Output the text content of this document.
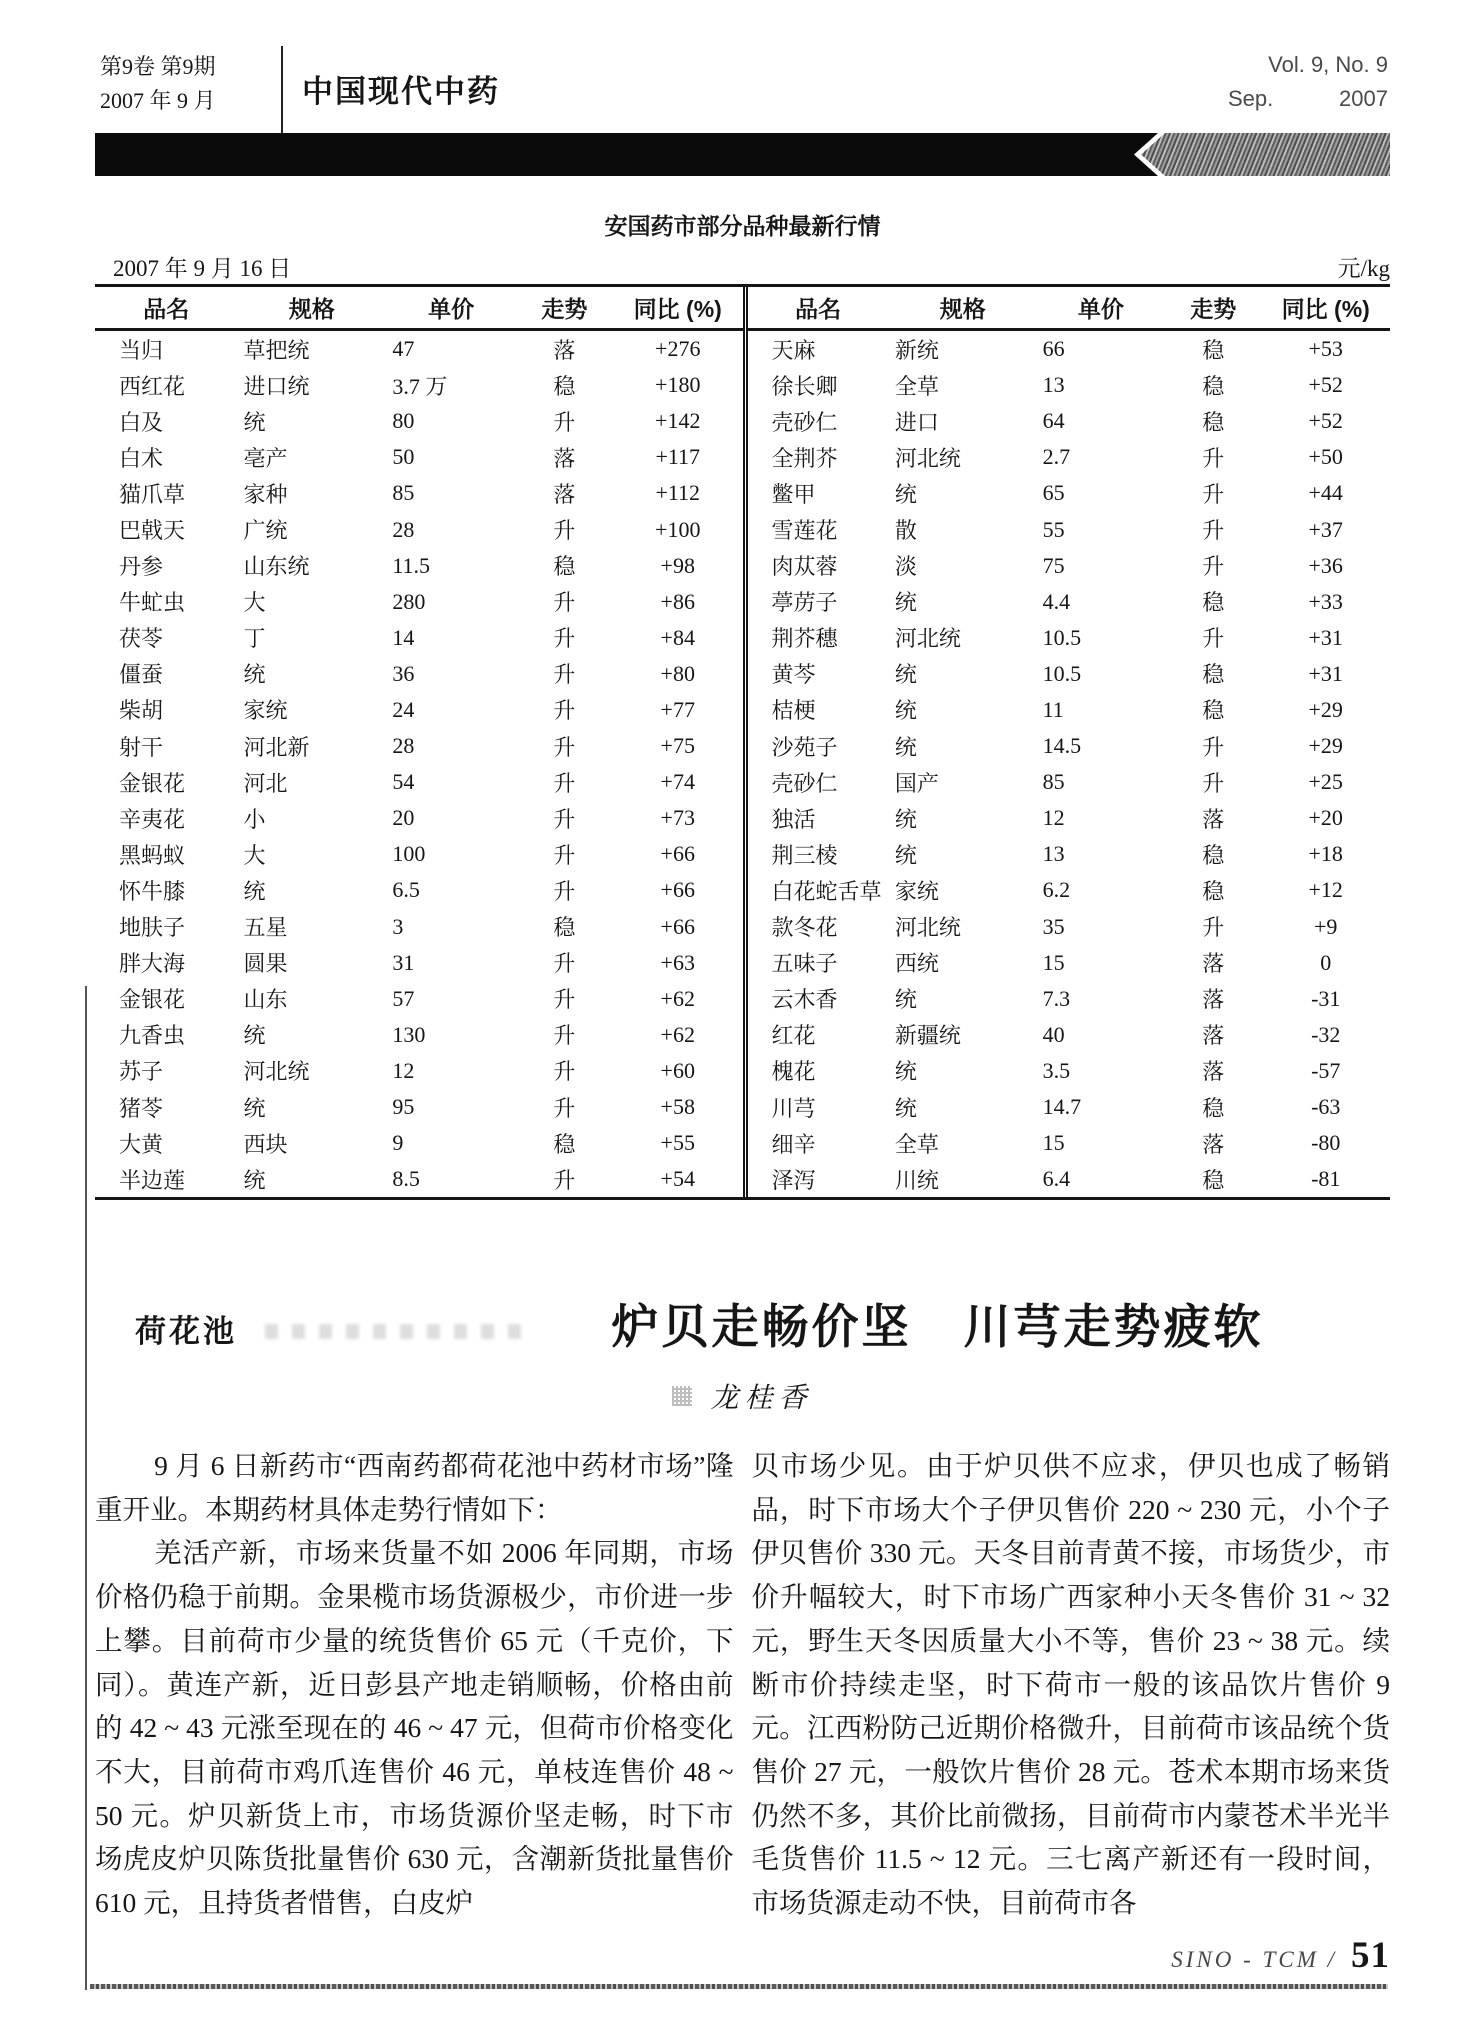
第9卷 第9期
2007 年 9 月	中国现代中药
Vol. 9, No. 9
Sep.	2007
安国药市部分品种最新行情
2007 年 9 月 16 日	元/kg
品名	规格	单价	走势	同比 (%)
当归	草把统	47	落	+276
西红花	进口统	3.7 万	稳	+180
白及	统	80	升	+142
白术	亳产	50	落	+117
猫爪草	家种	85	落	+112
巴戟天	广统	28	升	+100
丹参	山东统	11.5	稳	+98
牛虻虫	大	280	升	+86
茯苓	丁	14	升	+84
僵蚕	统	36	升	+80
柴胡	家统	24	升	+77
射干	河北新	28	升	+75
金银花	河北	54	升	+74
辛夷花	小	20	升	+73
黑蚂蚁	大	100	升	+66
怀牛膝	统	6.5	升	+66
地肤子	五星	3	稳	+66
胖大海	圆果	31	升	+63
金银花	山东	57	升	+62
九香虫	统	130	升	+62
苏子	河北统	12	升	+60
猪苓	统	95	升	+58
大黄	西块	9	稳	+55
半边莲	统	8.5	升	+54
品名	规格	单价	走势	同比 (%)
天麻	新统	66	稳	+53
徐长卿	全草	13	稳	+52
壳砂仁	进口	64	稳	+52
全荆芥	河北统	2.7	升	+50
鳖甲	统	65	升	+44
雪莲花	散	55	升	+37
肉苁蓉	淡	75	升	+36
葶苈子	统	4.4	稳	+33
荆芥穗	河北统	10.5	升	+31
黄芩	统	10.5	稳	+31
桔梗	统	11	稳	+29
沙苑子	统	14.5	升	+29
壳砂仁	国产	85	升	+25
独活	统	12	落	+20
荆三棱	统	13	稳	+18
白花蛇舌草	家统	6.2	稳	+12
款冬花	河北统	35	升	+9
五味子	西统	15	落	0
云木香	统	7.3	落	-31
红花	新疆统	40	落	-32
槐花	统	3.5	落	-57
川芎	统	14.7	稳	-63
细辛	全草	15	落	-80
泽泻	川统	6.4	稳	-81
荷花池	炉贝走畅价坚 川芎走势疲软
龙桂香

9 月 6 日新药市“西南药都荷花池中药材市场”隆重开业。本期药材具体走势行情如下：

羌活产新，市场来货量不如 2006 年同期，市场价格仍稳于前期。金果榄市场货源极少，市价进一步上攀。目前荷市少量的统货售价 65 元（千克价，下同）。黄连产新，近日彭县产地走销顺畅，价格由前的 42 ~ 43 元涨至现在的 46 ~ 47 元，但荷市价格变化不大，目前荷市鸡爪连售价 46 元，单枝连售价 48 ~ 50 元。炉贝新货上市，市场货源价坚走畅，时下市场虎皮炉贝陈货批量售价 630 元，含潮新货批量售价 610 元，且持货者惜售，白皮炉

贝市场少见。由于炉贝供不应求，伊贝也成了畅销品，时下市场大个子伊贝售价 220 ~ 230 元，小个子伊贝售价 330 元。天冬目前青黄不接，市场货少，市价升幅较大，时下市场广西家种小天冬售价 31 ~ 32 元，野生天冬因质量大小不等，售价 23 ~ 38 元。续断市价持续走坚，时下荷市一般的该品饮片售价 9 元。江西粉防己近期价格微升，目前荷市该品统个货售价 27 元，一般饮片售价 28 元。苍术本期市场来货仍然不多，其价比前微扬，目前荷市内蒙苍术半光半毛货售价 11.5 ~ 12 元。三七离产新还有一段时间，市场货源走动不快，目前荷市各

SINO - TCM / 51
